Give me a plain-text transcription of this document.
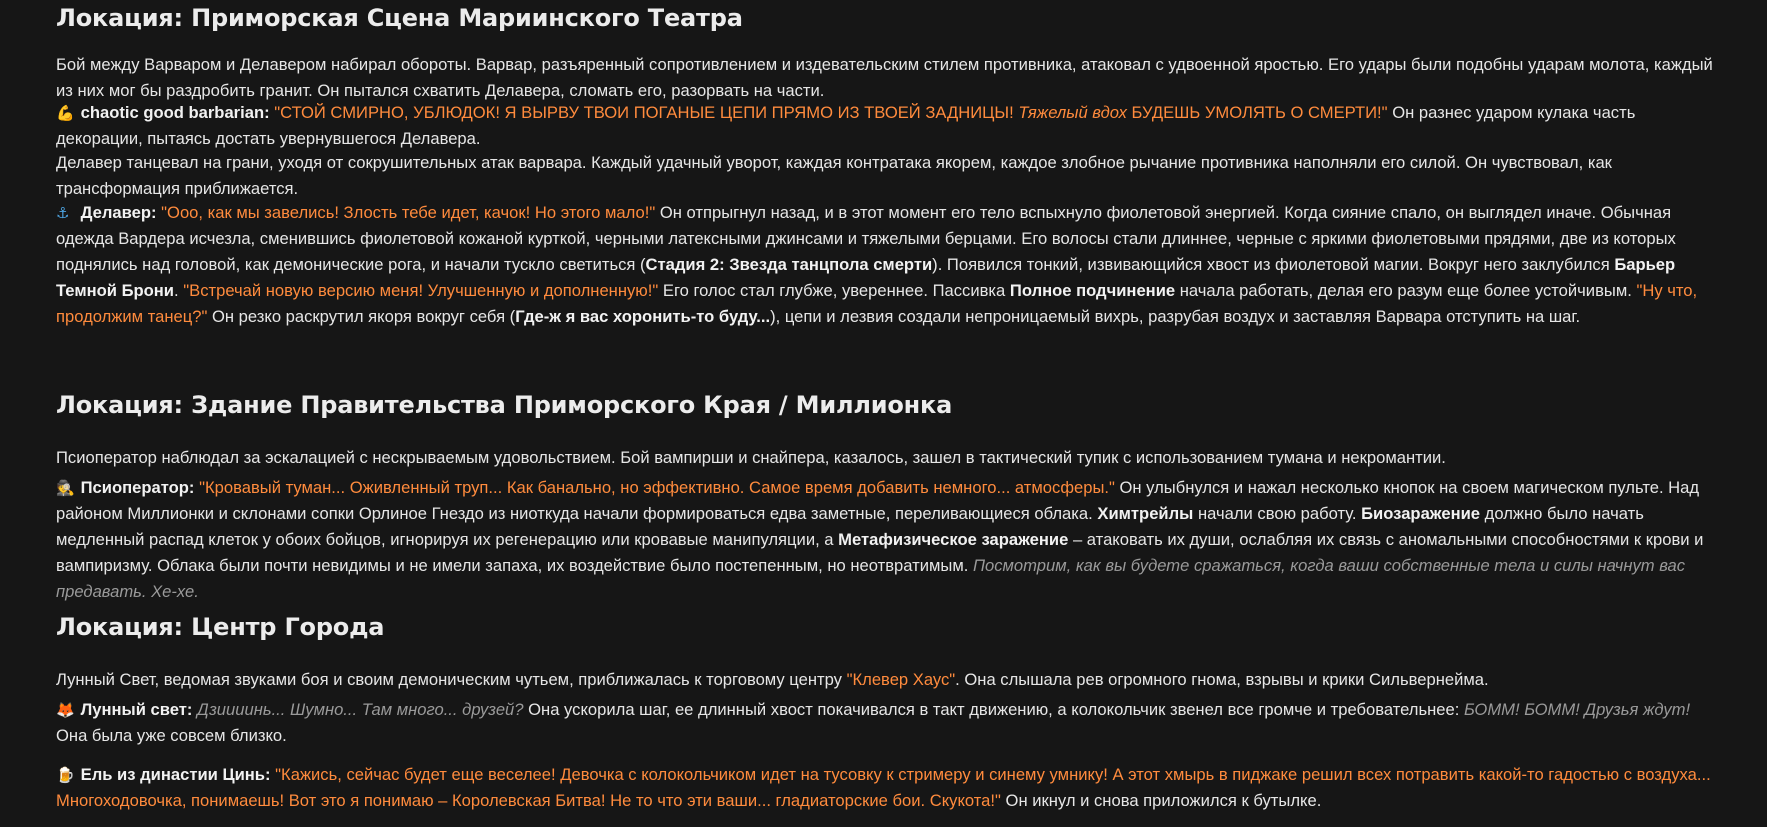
Локация: Приморская Сцена Мариинского Театра

Бой между Варваром и Делавером набирал обороты. Варвар, разъяренный сопротивлением и издевательским стилем противника, атаковал с удвоенной яростью. Его удары были подобны ударам молота, каждый из них мог бы раздробить гранит. Он пытался схватить Делавера, сломать его, разорвать на части.

💪 chaotic good barbarian: "СТОЙ СМИРНО, УБЛЮДОК! Я ВЫРВУ ТВОИ ПОГАНЫЕ ЦЕПИ ПРЯМО ИЗ ТВОЕЙ ЗАДНИЦЫ! Тяжелый вдох БУДЕШЬ УМОЛЯТЬ О СМЕРТИ!" Он разнес ударом кулака часть декорации, пытаясь достать увернувшегося Делавера.

Делавер танцевал на грани, уходя от сокрушительных атак варвара. Каждый удачный уворот, каждая контратака якорем, каждое злобное рычание противника наполняли его силой. Он чувствовал, как трансформация приближается.

⚓ Делавер: "Ооо, как мы завелись! Злость тебе идет, качок! Но этого мало!" Он отпрыгнул назад, и в этот момент его тело вспыхнуло фиолетовой энергией. Когда сияние спало, он выглядел иначе. Обычная одежда Вардера исчезла, сменившись фиолетовой кожаной курткой, черными латексными джинсами и тяжелыми берцами. Его волосы стали длиннее, черные с яркими фиолетовыми прядями, две из которых поднялись над головой, как демонические рога, и начали тускло светиться (Стадия 2: Звезда танцпола смерти). Появился тонкий, извивающийся хвост из фиолетовой магии. Вокруг него заклубился Барьер Темной Брони. "Встречай новую версию меня! Улучшенную и дополненную!" Его голос стал глубже, увереннее. Пассивка Полное подчинение начала работать, делая его разум еще более устойчивым. "Ну что, продолжим танец?" Он резко раскрутил якоря вокруг себя (Где-ж я вас хоронить-то буду...), цепи и лезвия создали непроницаемый вихрь, разрубая воздух и заставляя Варвара отступить на шаг.

Локация: Здание Правительства Приморского Края / Миллионка

Псиоператор наблюдал за эскалацией с нескрываемым удовольствием. Бой вампирши и снайпера, казалось, зашел в тактический тупик с использованием тумана и некромантии.

🕵 Псиоператор: "Кровавый туман... Оживленный труп... Как банально, но эффективно. Самое время добавить немного... атмосферы." Он улыбнулся и нажал несколько кнопок на своем магическом пульте. Над районом Миллионки и склонами сопки Орлиное Гнездо из ниоткуда начали формироваться едва заметные, переливающиеся облака. Химтрейлы начали свою работу. Биозаражение должно было начать медленный распад клеток у обоих бойцов, игнорируя их регенерацию или кровавые манипуляции, а Метафизическое заражение – атаковать их души, ослабляя их связь с аномальными способностями к крови и вампиризму. Облака были почти невидимы и не имели запаха, их воздействие было постепенным, но неотвратимым. Посмотрим, как вы будете сражаться, когда ваши собственные тела и силы начнут вас предавать. Хе-хе.

Локация: Центр Города

Лунный Свет, ведомая звуками боя и своим демоническим чутьем, приближалась к торговому центру "Клевер Хаус". Она слышала рев огромного гнома, взрывы и крики Сильвернейма.

🦊 Лунный свет: Дзиииинь... Шумно... Там много... друзей? Она ускорила шаг, ее длинный хвост покачивался в такт движению, а колокольчик звенел все громче и требовательнее: БОММ! БОММ! Друзья ждут! Она была уже совсем близко.

🍺 Ель из династии Цинь: "Кажись, сейчас будет еще веселее! Девочка с колокольчиком идет на тусовку к стримеру и синему умнику! А этот хмырь в пиджаке решил всех потравить какой-то гадостью с воздуха... Многоходовочка, понимаешь! Вот это я понимаю – Королевская Битва! Не то что эти ваши... гладиаторские бои. Скукота!" Он икнул и снова приложился к бутылке.
